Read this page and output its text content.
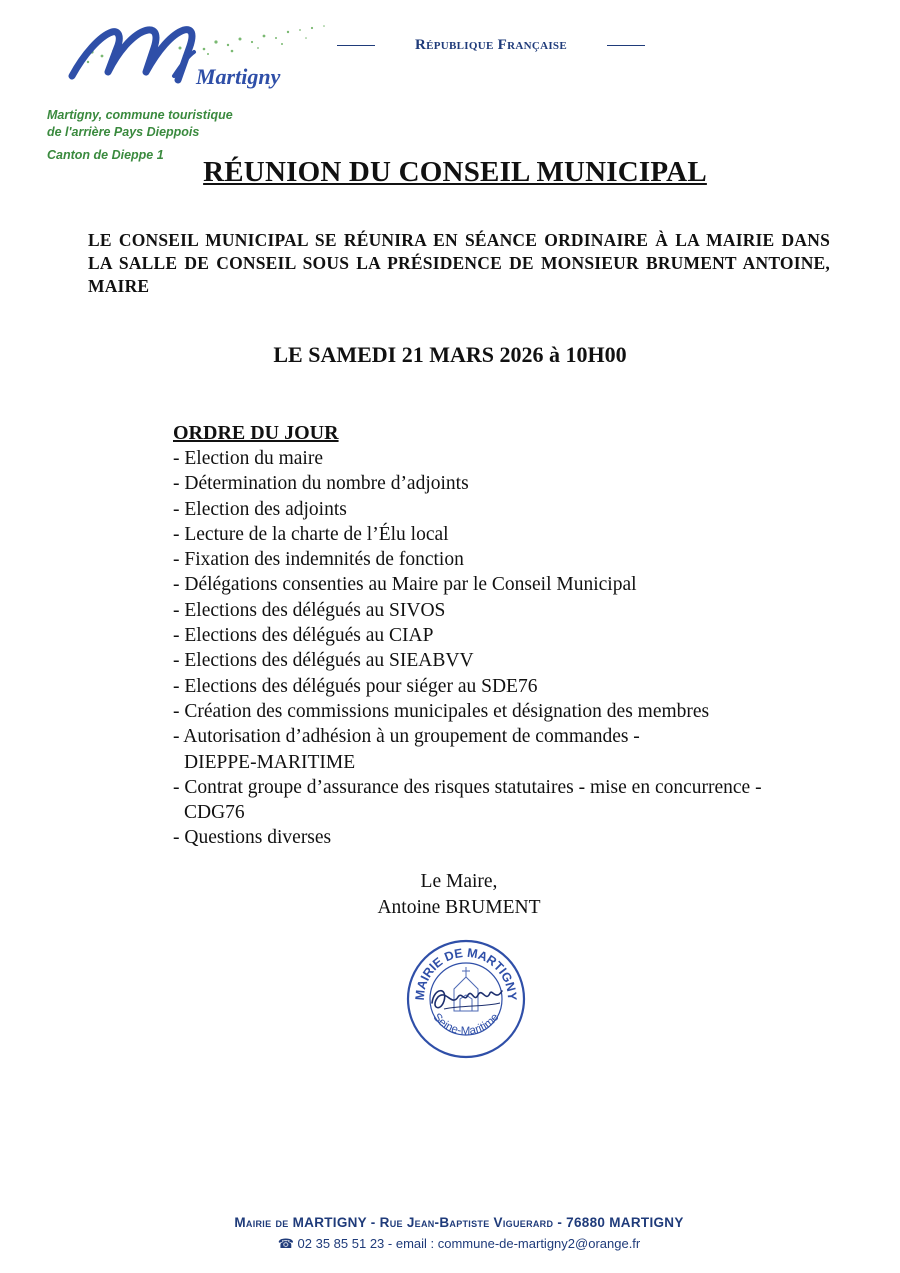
Martigny
République Française
Martigny, commune touristique
de l'arrière Pays Dieppois
Canton de Dieppe 1
RÉUNION DU CONSEIL MUNICIPAL
LE CONSEIL MUNICIPAL SE RÉUNIRA EN SÉANCE ORDINAIRE À LA MAIRIE DANS LA SALLE DE CONSEIL SOUS LA PRÉSIDENCE DE MONSIEUR BRUMENT ANTOINE, MAIRE
LE SAMEDI 21 MARS 2026 à 10H00

ORDRE DU JOUR

- Election du maire
- Détermination du nombre d’adjoints
- Election des adjoints
- Lecture de la charte de l’Élu local
- Fixation des indemnités de fonction
- Délégations consenties au Maire par le Conseil Municipal
- Elections des délégués au SIVOS
- Elections des délégués au CIAP
- Elections des délégués au SIEABVV
- Elections des délégués pour siéger au SDE76
- Création des commissions municipales et désignation des membres
- Autorisation d’adhésion à un groupement de commandes -
DIEPPE-MARITIME
- Contrat groupe d’assurance des risques statutaires - mise en concurrence -
CDG76
- Questions diverses
Le Maire,
Antoine BRUMENT
MAIRIE DE MARTIGNY
Seine-Maritime
Mairie de MARTIGNY - Rue Jean-Baptiste Viguerard - 76880 MARTIGNY
☎ 02 35 85 51 23 - email : commune-de-martigny2@orange.fr
